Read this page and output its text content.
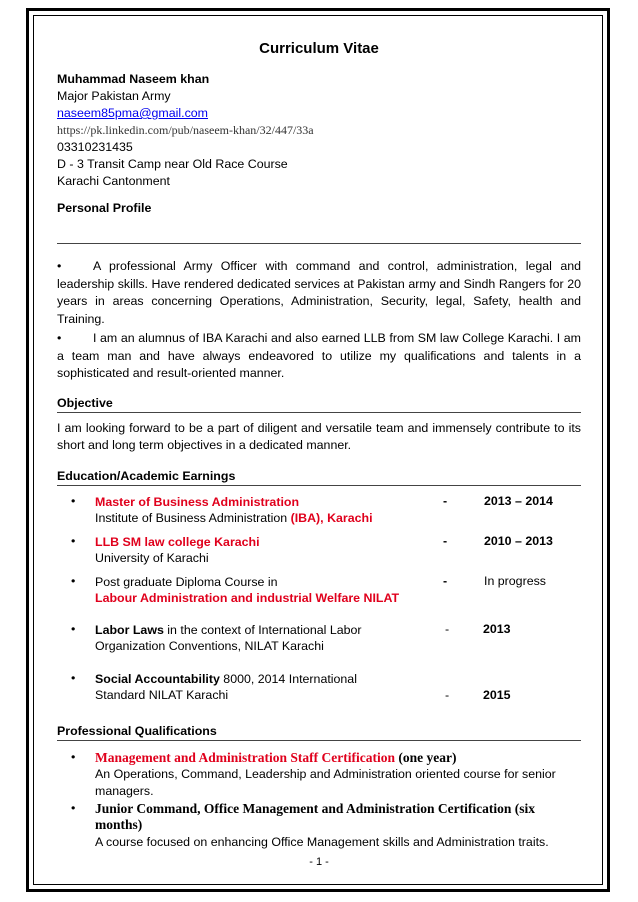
Curriculum Vitae

Muhammad Naseem khan

Major Pakistan Army

naseem85pma@gmail.com

https://pk.linkedin.com/pub/naseem-khan/32/447/33a

03310231435

D - 3 Transit Camp near Old Race Course

Karachi Cantonment

Personal Profile

•	A professional Army Officer with command and control, administration, legal and leadership skills. Have rendered dedicated services at Pakistan army and Sindh Rangers for 20 years in areas concerning Operations, Administration, Security, legal, Safety, health and Training.

•	I am an alumnus of IBA Karachi and also earned LLB from SM law College Karachi. I am a team man and have always endeavored to utilize my qualifications and talents in a sophisticated and result-oriented manner.

Objective

I am looking forward to be a part of diligent and versatile team and immensely contribute to its short and long term objectives in a dedicated manner.

Education/Academic Earnings

• Master of Business Administration
Institute of Business Administration (IBA), Karachi
-	2013 – 2014
• LLB SM law college Karachi
University of Karachi
-	2010 – 2013
• Post graduate Diploma Course in
Labour Administration and industrial Welfare NILAT
-	In progress
• Labor Laws in the context of International Labor
Organization Conventions, NILAT Karachi
-	2013
• Social Accountability 8000, 2014 International
Standard NILAT Karachi	-	2015

Professional Qualifications

• Management and Administration Staff Certification (one year)
An Operations, Command, Leadership and Administration oriented course for senior managers.
• Junior Command, Office Management and Administration Certification (six months)
A course focused on enhancing Office Management skills and Administration traits.
- 1 -
